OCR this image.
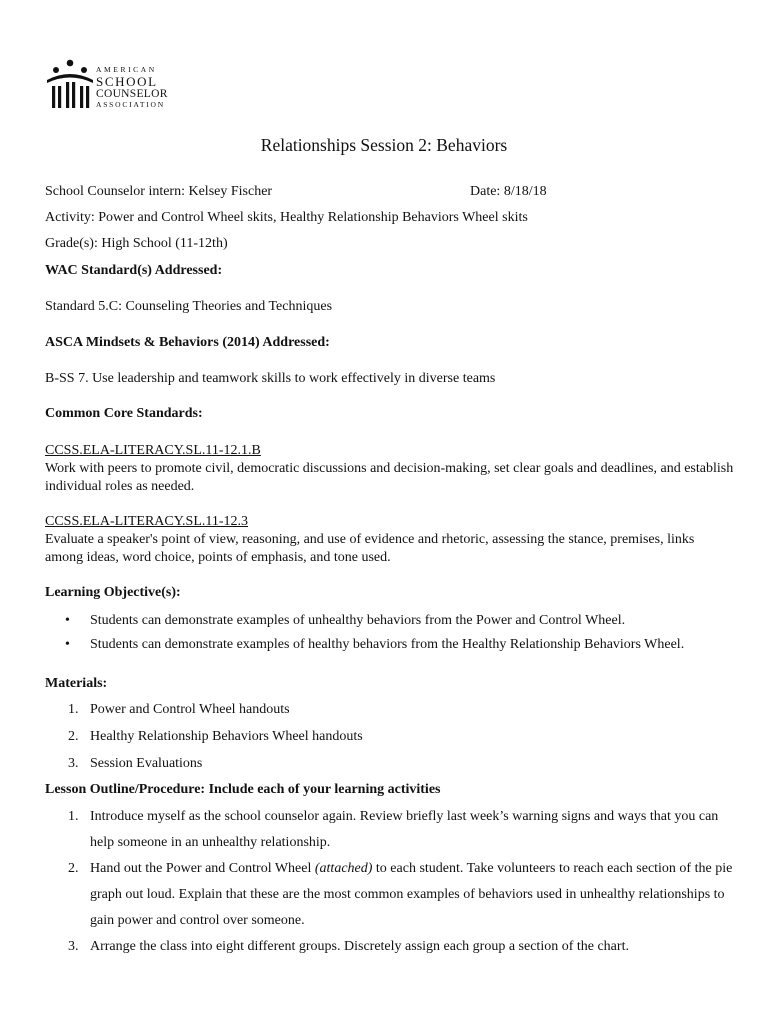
AMERICAN
SCHOOL
COUNSELOR
ASSOCIATION
Relationships Session 2: Behaviors
School Counselor intern: Kelsey Fischer	Date: 8/18/18
Activity: Power and Control Wheel skits, Healthy Relationship Behaviors Wheel skits
Grade(s): High School (11-12th)
WAC Standard(s) Addressed:
Standard 5.C: Counseling Theories and Techniques
ASCA Mindsets & Behaviors (2014) Addressed:
B-SS 7. Use leadership and teamwork skills to work effectively in diverse teams
Common Core Standards:
CCSS.ELA-LITERACY.SL.11-12.1.B
Work with peers to promote civil, democratic discussions and decision-making, set clear goals and deadlines, and establish individual roles as needed.
CCSS.ELA-LITERACY.SL.11-12.3
Evaluate a speaker's point of view, reasoning, and use of evidence and rhetoric, assessing the stance, premises, links among ideas, word choice, points of emphasis, and tone used.
Learning Objective(s):
• Students can demonstrate examples of unhealthy behaviors from the Power and Control Wheel.
• Students can demonstrate examples of healthy behaviors from the Healthy Relationship Behaviors Wheel.
Materials:
1. Power and Control Wheel handouts
2. Healthy Relationship Behaviors Wheel handouts
3. Session Evaluations
Lesson Outline/Procedure: Include each of your learning activities
1. Introduce myself as the school counselor again. Review briefly last week’s warning signs and ways that you can help someone in an unhealthy relationship.
2. Hand out the Power and Control Wheel (attached) to each student. Take volunteers to reach each section of the pie graph out loud. Explain that these are the most common examples of behaviors used in unhealthy relationships to gain power and control over someone.
3. Arrange the class into eight different groups. Discretely assign each group a section of the chart.
